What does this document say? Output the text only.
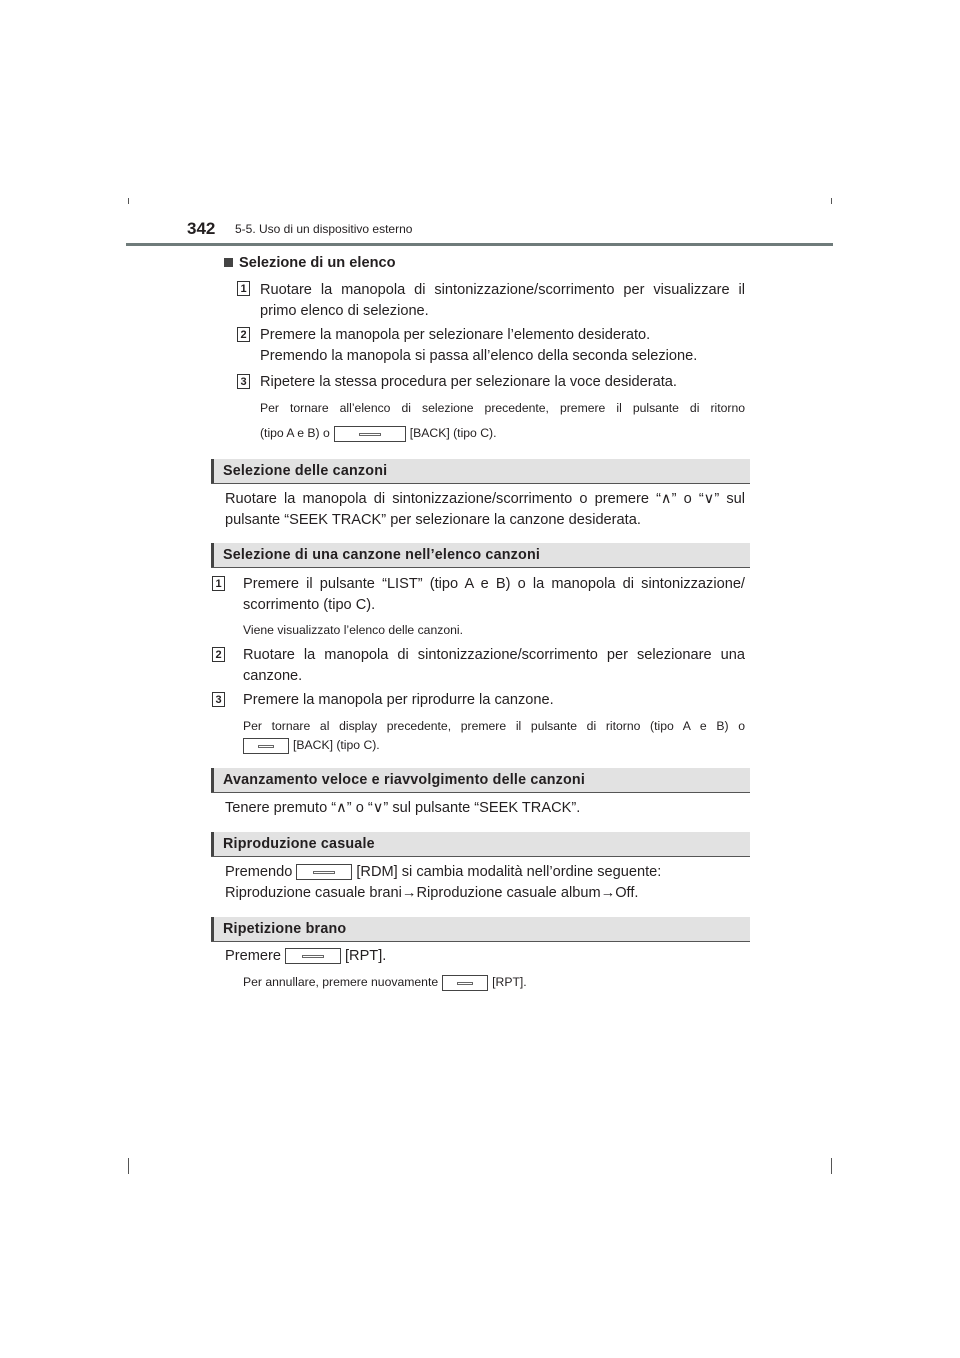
342 5-5. Uso di un dispositivo esterno
Selezione di un elenco
1 Ruotare la manopola di sintonizzazione/scorrimento per visualizzare il
primo elenco di selezione.
2 Premere la manopola per selezionare l’elemento desiderato.
Premendo la manopola si passa all’elenco della seconda selezione.
3 Ripetere la stessa procedura per selezionare la voce desiderata.
Per tornare all’elenco di selezione precedente, premere il pulsante di ritorno
(tipo A e B) o	[BACK] (tipo C).
Selezione delle canzoni
Ruotare la manopola di sintonizzazione/scorrimento o premere “∧” o “∨” sul
pulsante “SEEK TRACK” per selezionare la canzone desiderata.
Selezione di una canzone nell’elenco canzoni
1 Premere il pulsante “LIST” (tipo A e B) o la manopola di sintonizzazione/
scorrimento (tipo C).
Viene visualizzato l’elenco delle canzoni.
2 Ruotare la manopola di sintonizzazione/scorrimento per selezionare una
canzone.
3 Premere la manopola per riprodurre la canzone.
Per tornare al display precedente, premere il pulsante di ritorno (tipo A e B) o
[BACK] (tipo C).
Avanzamento veloce e riavvolgimento delle canzoni
Tenere premuto “∧” o “∨” sul pulsante “SEEK TRACK”.
Riproduzione casuale
Premendo	[RDM] si cambia modalità nell’ordine seguente:
Riproduzione casuale brani→Riproduzione casuale album→Off.
Ripetizione brano
Premere	[RPT].
Per annullare, premere nuovamente	[RPT].
